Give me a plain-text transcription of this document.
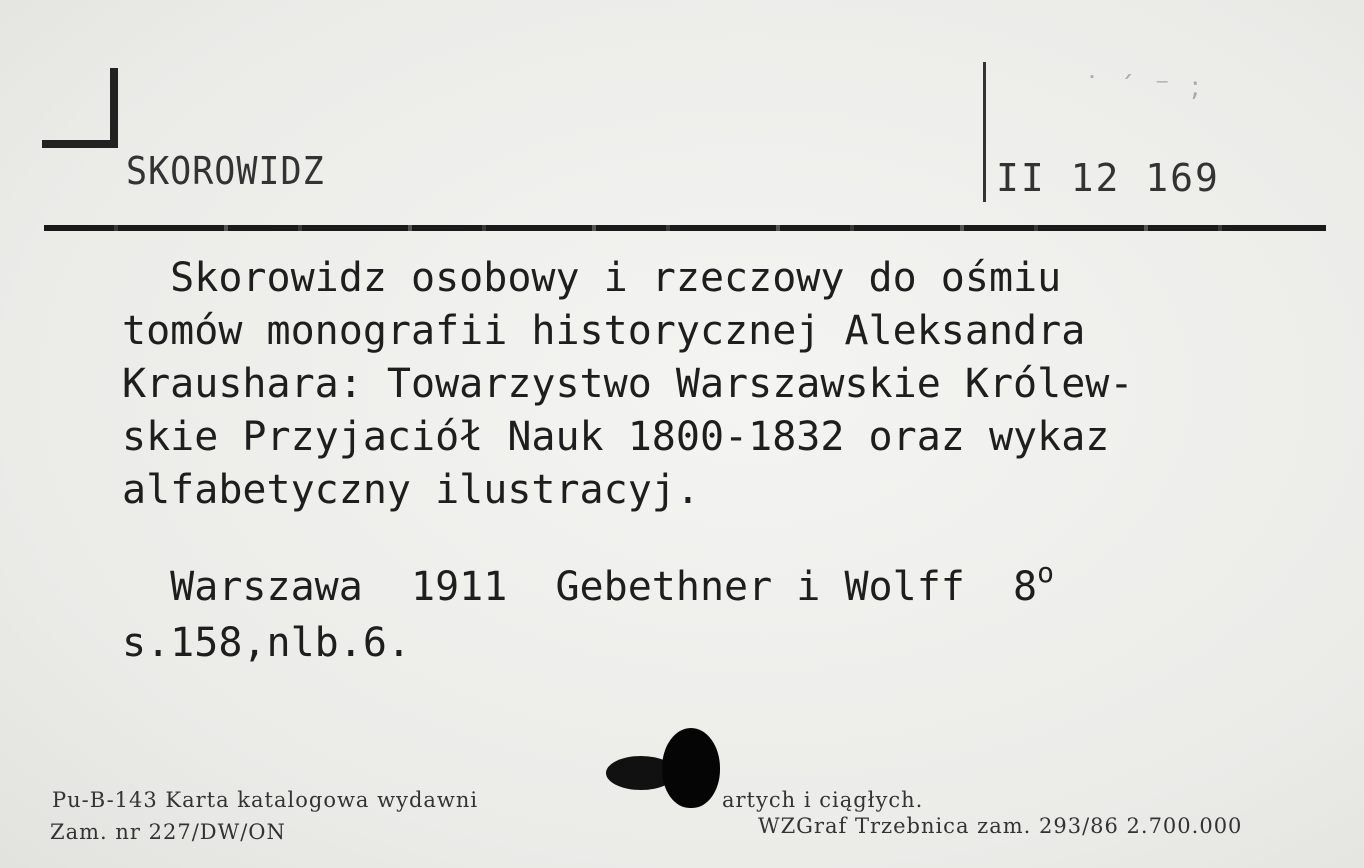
SKOROWIDZ
˙ ˊ ⁻ ;
II 12 169
Skorowidz osobowy i rzeczowy do ośmiu
tomów monografii historycznej Aleksandra
Kraushara: Towarzystwo Warszawskie Królew-
skie Przyjaciół Nauk 1800-1832 oraz wykaz
alfabetyczny ilustracyj.
Warszawa  1911  Gebethner i Wolff  8$^o$
s.158,nlb.6.
Pu-B-143 Karta katalogowa wydawni	artych i ciągłych.
Zam. nr 227/DW/ON	WZGraf Trzebnica zam. 293/86 2.700.000
